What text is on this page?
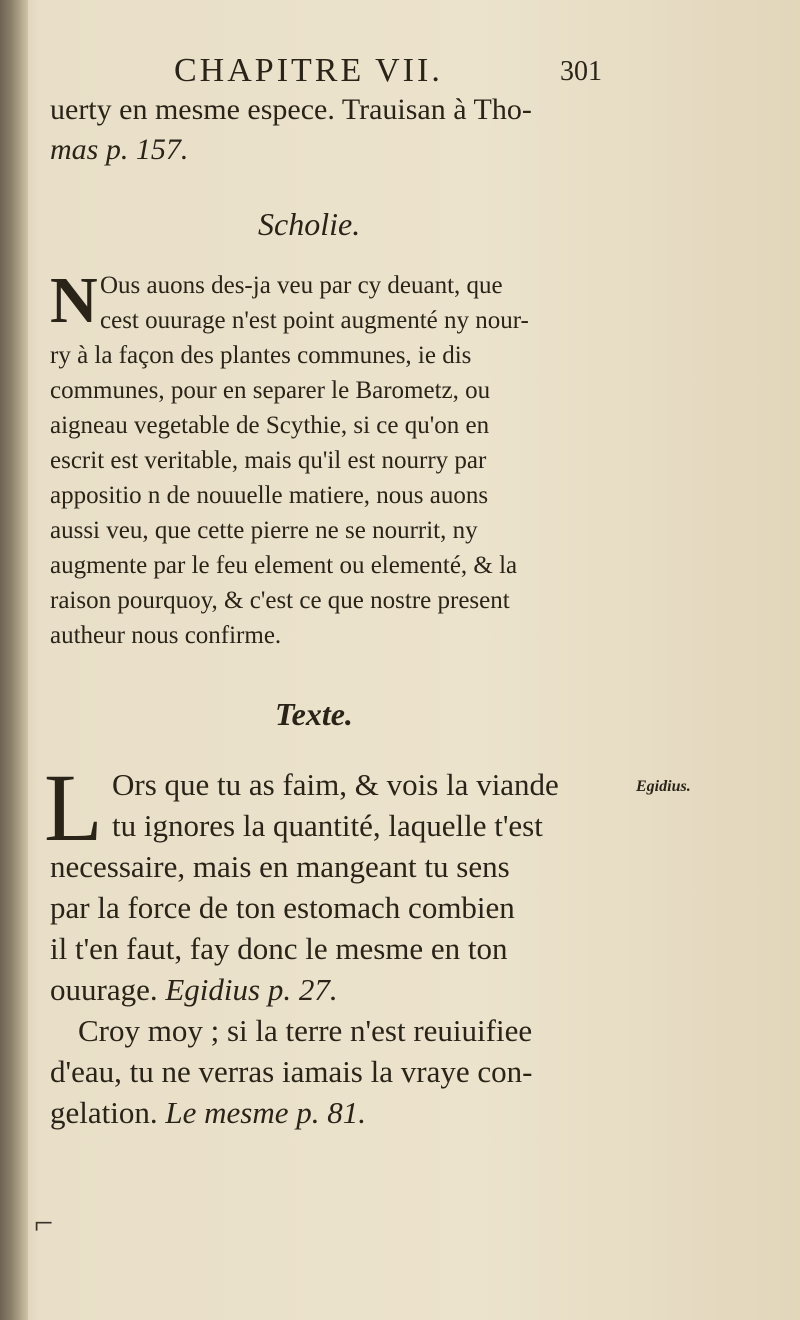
CHAPITRE VII.	301
uerty en mesme espece. Trauisan à Tho-
mas p. 157.
Scholie.
N Ous auons des-ja veu par cy deuant, que
cest ouurage n'est point augmenté ny nour-
ry à la façon des plantes communes, ie dis
communes, pour en separer le Barometz, ou
aigneau vegetable de Scythie, si ce qu'on en
escrit est veritable, mais qu'il est nourry par
appositio n de nouuelle matiere, nous auons
aussi veu, que cette pierre ne se nourrit, ny
augmente par le feu element ou elementé, & la
raison pourquoy, & c'est ce que nostre present
autheur nous confirme.
Texte.
L	Egidius.
Ors que tu as faim, & vois la viande
tu ignores la quantité, laquelle t'est
necessaire, mais en mangeant tu sens
par la force de ton estomach combien
il t'en faut, fay donc le mesme en ton
ouurage. Egidius p. 27.
Croy moy ; si la terre n'est reuiuifiee
d'eau, tu ne verras iamais la vraye con-
gelation. Le mesme p. 81.
⌐
